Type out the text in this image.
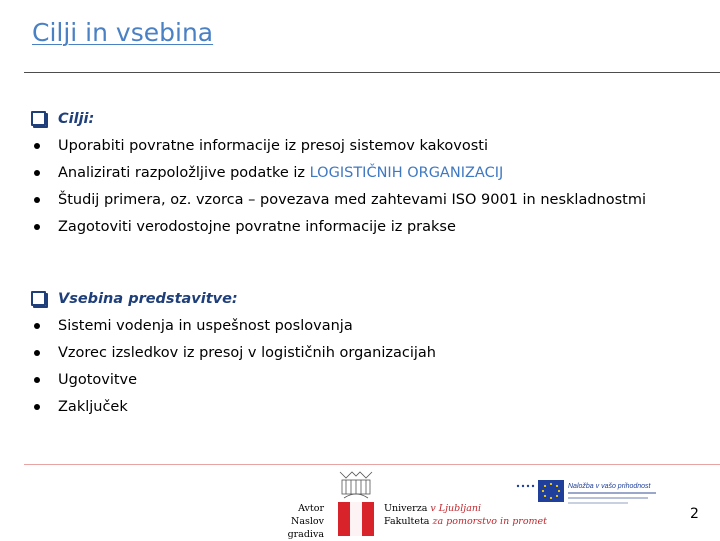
Cilji in vsebina
Cilji:
Uporabiti povratne informacije iz presoj sistemov kakovosti
Analizirati razpoložljive podatke iz LOGISTIČNIH ORGANIZACIJ
Študij primera, oz. vzorca – povezava med zahtevami ISO 9001 in neskladnostmi
Zagotoviti verodostojne povratne informacije iz prakse
Vsebina predstavitve:
Sistemi vodenja in uspešnost poslovanja
Vzorec izsledkov iz presoj v logističnih organizacijah
Ugotovitve
Zaključek
Avtor
Naslov gradiva
Univerza v Ljubljani
Fakulteta za pomorstvo in promet
Naložba v vašo prihodnost
2
